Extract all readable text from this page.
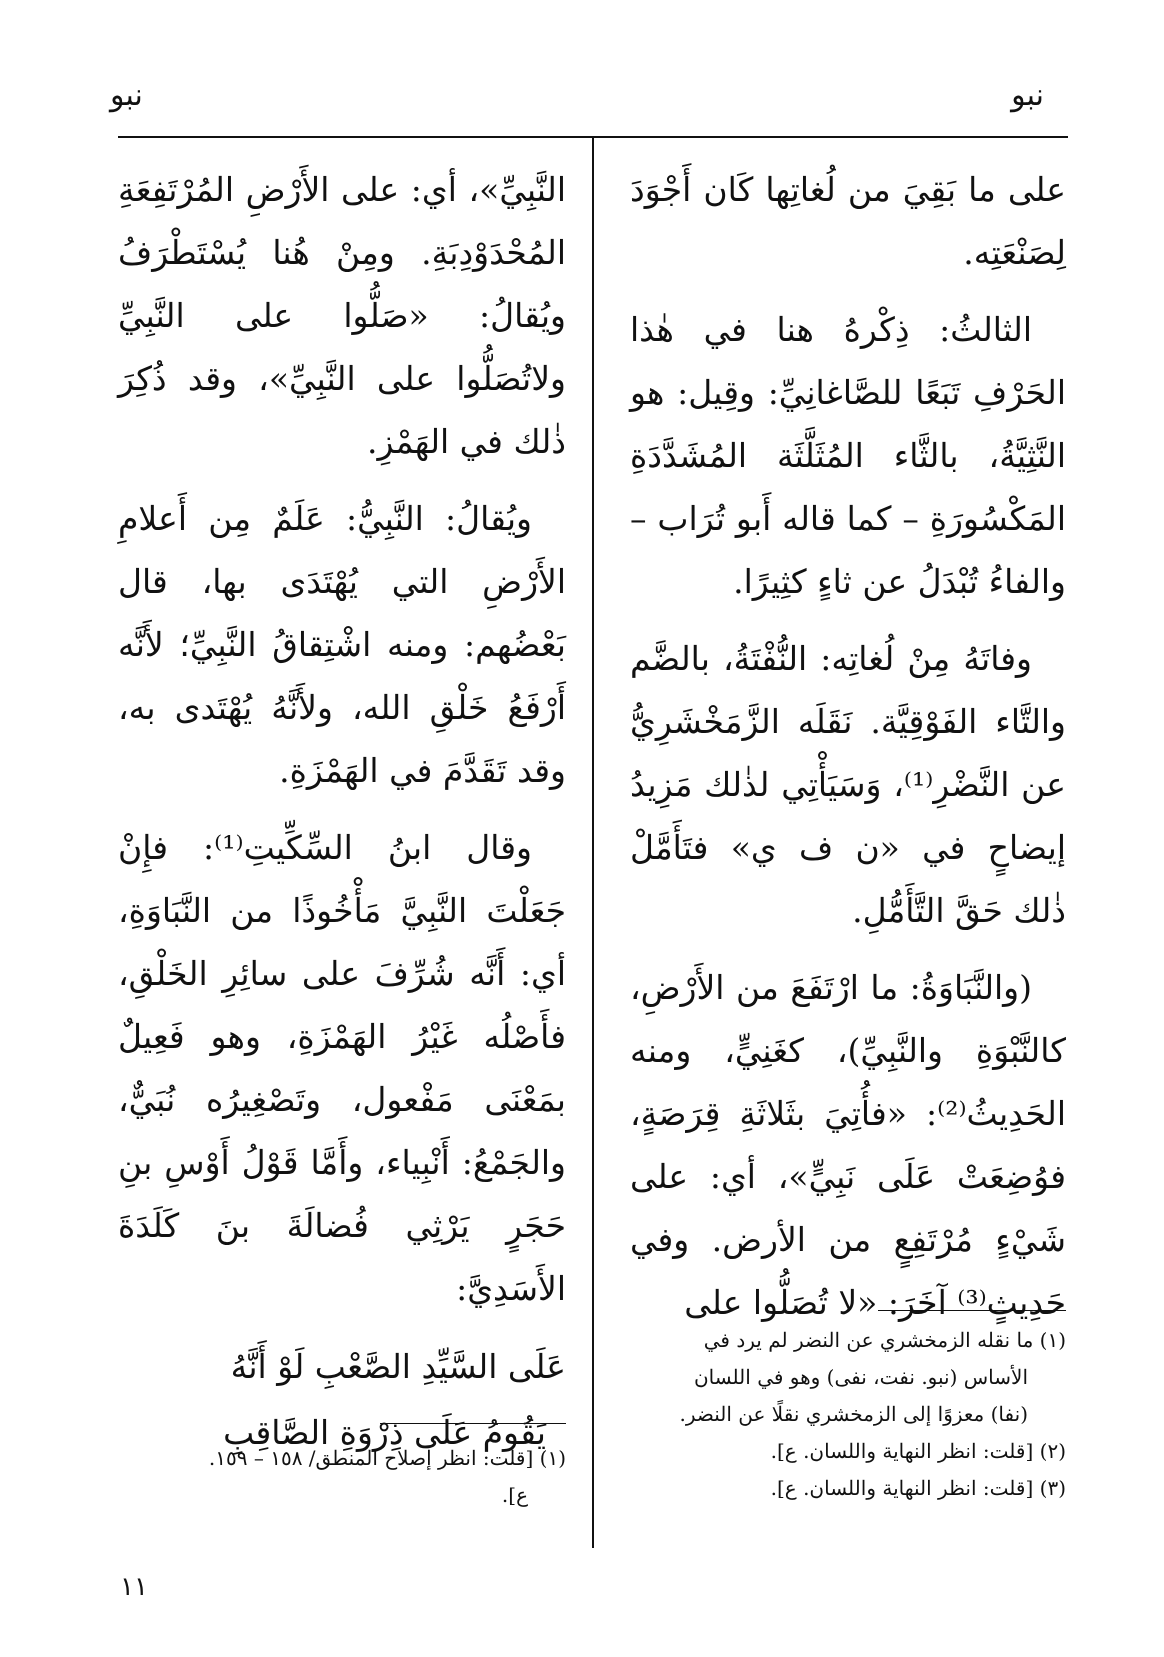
نبو
نبو

على ما بَقِيَ من لُغاتِها كَان أَجْوَدَ لِصَنْعَتِه.

الثالثُ: ذِكْرهُ هنا في هٰذا الحَرْفِ تَبَعًا للصَّاغانِيِّ: وقِيل: هو النَّثِيَّةُ، بالثَّاء المُثَلَّثَة المُشَدَّدَةِ المَكْسُورَةِ – كما قاله أَبو تُرَاب – والفاءُ تُبْدَلُ عن ثاءٍ كثِيرًا.

وفاتَهُ مِنْ لُغاتِه: النُّفْتَةُ، بالضَّم والتَّاء الفَوْقِيَّة. نَقَلَه الزَّمَخْشَرِيُّ عن النَّضْرِ⁽¹⁾، وَسَيَأْتِي لذٰلك مَزِيدُ إيضاحٍ في «ن ف ي» فتَأَمَّلْ ذٰلك حَقَّ التَّأَمُّلِ.

(والنَّبَاوَةُ: ما ارْتَفَعَ من الأَرْضِ، كالنَّبْوَةِ والنَّبِيِّ)، كغَنِيٍّ، ومنه الحَدِيثُ⁽²⁾: «فأُتِيَ بثَلاثَةِ قِرَصَةٍ، فوُضِعَتْ عَلَى نَبِيٍّ»، أي: على شَيْءٍ مُرْتَفِعٍ من الأرض. وفي حَدِيثٍ⁽³⁾ آخَرَ: «لا تُصَلُّوا على

النَّبِيِّ»، أي: على الأَرْضِ المُرْتَفِعَةِ المُحْدَوْدِبَةِ. ومِنْ هُنا يُسْتَطْرَفُ ويُقالُ: «صَلُّوا على النَّبِيِّ ولاتُصَلُّوا على النَّبِيِّ»، وقد ذُكِرَ ذٰلك في الهَمْزِ.

ويُقالُ: النَّبِيُّ: عَلَمٌ مِن أَعلامِ الأَرْضِ التي يُهْتَدَى بها، قال بَعْضُهم: ومنه اشْتِقاقُ النَّبِيِّ؛ لأَنَّه أَرْفَعُ خَلْقِ الله، ولأَنَّهُ يُهْتَدى به، وقد تَقَدَّمَ في الهَمْزَةِ.

وقال ابنُ السِّكِّيتِ⁽¹⁾: فإِنْ جَعَلْتَ النَّبِيَّ مَأْخُوذًا من النَّبَاوَةِ، أي: أَنَّه شُرِّفَ على سائِرِ الخَلْقِ، فأَصْلُه غَيْرُ الهَمْزَةِ، وهو فَعِيلٌ بمَعْنَى مَفْعول، وتَصْغِيرُه نُبَيٌّ، والجَمْعُ: أَنْبِياء، وأَمَّا قَوْلُ أَوْسِ بنِ حَجَرٍ يَرْثِي فُضالَةَ بنَ كَلَدَةَ الأَسَدِيَّ:

عَلَى السَّيِّدِ الصَّعْبِ لَوْ أَنَّهُ
يَقُومُ عَلَى ذِرْوَةِ الصَّاقِبِ

(١) ما نقله الزمخشري عن النضر لم يرد في

الأساس (نبو. نفت، نفى) وهو في اللسان

(نفا) معزوًا إلى الزمخشري نقلًا عن النضر.

(٢) [قلت: انظر النهاية واللسان. ع].

(٣) [قلت: انظر النهاية واللسان. ع].

(١) [قلت: انظر إصلاح المنطق/ ١٥٨ – ١٥٩.

ع].

١١
